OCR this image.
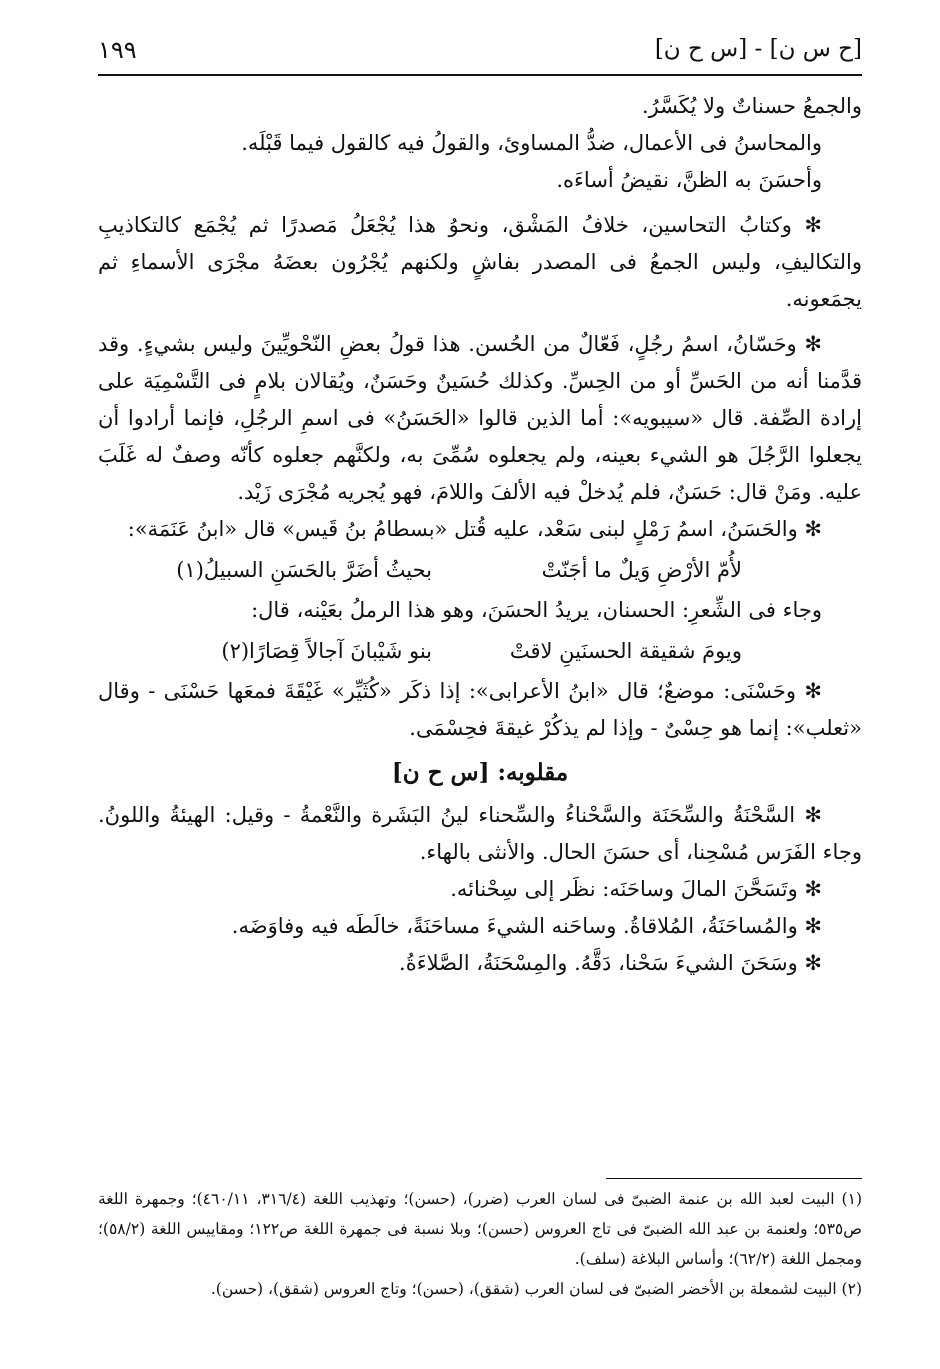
[ح س ن] - [س ح ن]
١٩٩

والجمعُ حسناتٌ ولا يُكَسَّرُ.

والمحاسنُ فى الأعمال، ضدُّ المساوئ، والقولُ فيه كالقول فيما قَبْلَه.

وأحسَنَ به الظنَّ، نقيضُ أساءَه.

✻ وكتابُ التحاسين، خلافُ المَشْق، ونحوُ هذا يُجْعَلُ مَصدرًا ثم يُجْمَع كالتكاذيبِ والتكاليفِ، وليس الجمعُ فى المصدر بفاشٍ ولكنهم يُجْرُون بعضَهُ مجْرَى الأسماءِ ثم يجمَعونه.

✻ وحَسّانُ، اسمُ رجُلٍ، فَعّالٌ من الحُسن. هذا قولُ بعضِ النّحْويِّينَ وليس بشيءٍ. وقد قدَّمنا أنه من الحَسِّ أو من الحِسِّ. وكذلك حُسَينٌ وحَسَنٌ، ويُقالان بلامٍ فى التَّسْمِيَة على إرادة الصِّفة. قال «سيبويه»: أما الذين قالوا «الحَسَنُ» فى اسمِ الرجُلِ، فإنما أرادوا أن يجعلوا الرَّجُلَ هو الشيء بعينه، ولم يجعلوه سُمِّىَ به، ولكنَّهم جعلوه كأنّه وصفٌ له غَلَبَ عليه. ومَنْ قال: حَسَنٌ، فلم يُدخلْ فيه الألفَ واللامَ، فهو يُجريه مُجْرَى زَيْد.

✻ والحَسَنُ، اسمُ رَمْلٍ لبنى سَعْد، عليه قُتل «بسطامُ بنُ قَيس» قال «ابنُ عَنَمَة»:

لأُمّ الأرْضِ وَيلٌ ما أجَنّتْ
بحيثُ أضَرَّ بالحَسَنِ السبيلُ(١)

وجاء فى الشِّعرِ: الحسنان، يريدُ الحسَنَ، وهو هذا الرملُ بعَيْنه، قال:

ويومَ شقيقة الحسنَينِ لاقتْ
بنو شَيْبانَ آجالاً قِصَارًا(٢)

✻ وحَسْنَى: موضعٌ؛ قال «ابنُ الأعرابى»: إذا ذكَر «كُثَيِّر» غَيْقَةَ فمعَها حَسْنَى - وقال «ثعلب»: إنما هو حِسْىٌ - وإذا لم يذكُرْ غيقةَ فحِسْمَى.

مقلوبه: [س ح ن]

✻ السَّحْنَةُ والسِّحَنَة والسَّحْناءُ والسِّحناء لينُ البَشَرة والنَّعْمةُ - وقيل: الهيئةُ واللونُ. وجاء الفَرَس مُسْحِنا، أى حسَنَ الحال. والأنثى بالهاء.

✻ وتَسَحَّنَ المالَ وساحَنَه: نظَر إلى سِحْنائه.

✻ والمُساحَنَةُ، المُلاقاةُ. وساحَنه الشيءَ مساحَنَةً، خالَطَه فيه وفاوَضَه.

✻ وسَحَنَ الشيءَ سَحْنا، دَقَّهُ. والمِسْحَنَةُ، الصَّلاءَةُ.

(١) البيت لعبد الله بن عنمة الضبىّ فى لسان العرب (ضرر)، (حسن)؛ وتهذيب اللغة (٣١٦/٤، ٤٦٠/١١)؛ وجمهرة اللغة ص٥٣٥؛ ولعنمة بن عبد الله الضبىّ فى تاج العروس (حسن)؛ وبلا نسبة فى جمهرة اللغة ص١٢٢؛ ومقاييس اللغة (٥٨/٢)؛ ومجمل اللغة (٦٢/٢)؛ وأساس البلاغة (سلف).

(٢) البيت لشمعلة بن الأخضر الضبىّ فى لسان العرب (شقق)، (حسن)؛ وتاج العروس (شقق)، (حسن).
